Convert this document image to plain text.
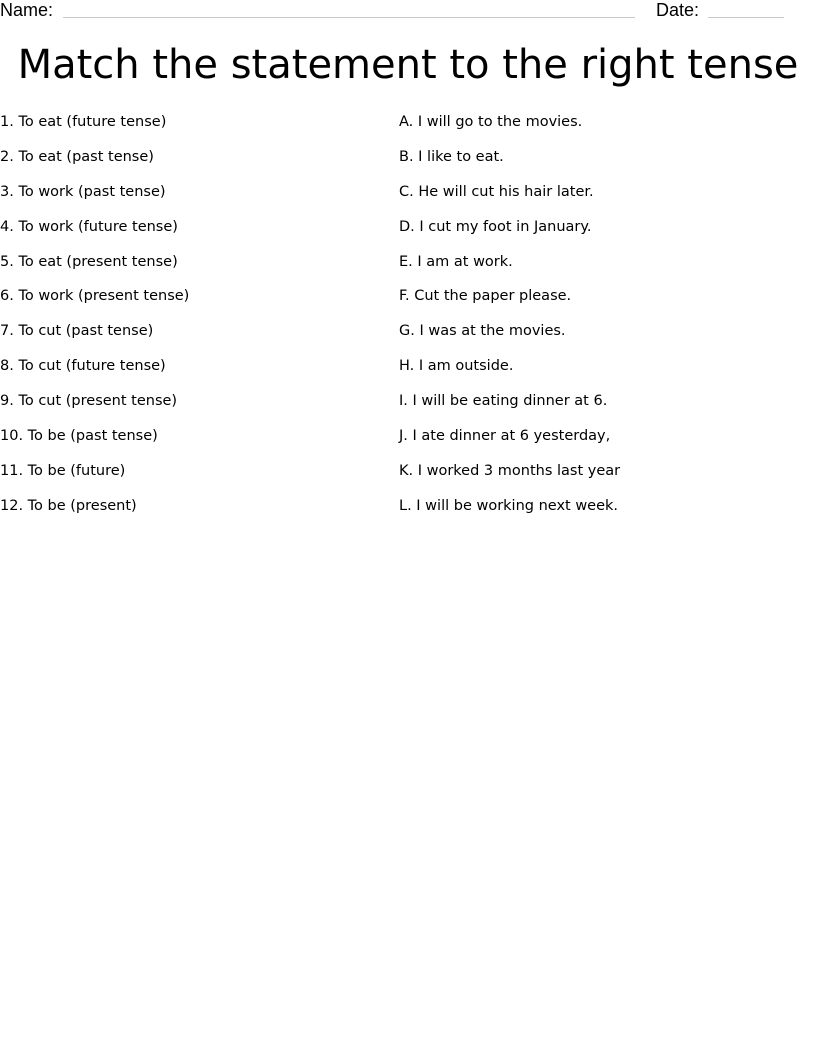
Name:	Date:
Match the statement to the right tense
1. To eat (future tense)
2. To eat (past tense)
3. To work (past tense)
4. To work (future tense)
5. To eat (present tense)
6. To work (present tense)
7. To cut (past tense)
8. To cut (future tense)
9. To cut (present tense)
10. To be (past tense)
11. To be (future)
12. To be (present)
A. I will go to the movies.
B. I like to eat.
C. He will cut his hair later.
D. I cut my foot in January.
E. I am at work.
F. Cut the paper please.
G. I was at the movies.
H. I am outside.
I. I will be eating dinner at 6.
J. I ate dinner at 6 yesterday,
K. I worked 3 months last year
L. I will be working next week.
